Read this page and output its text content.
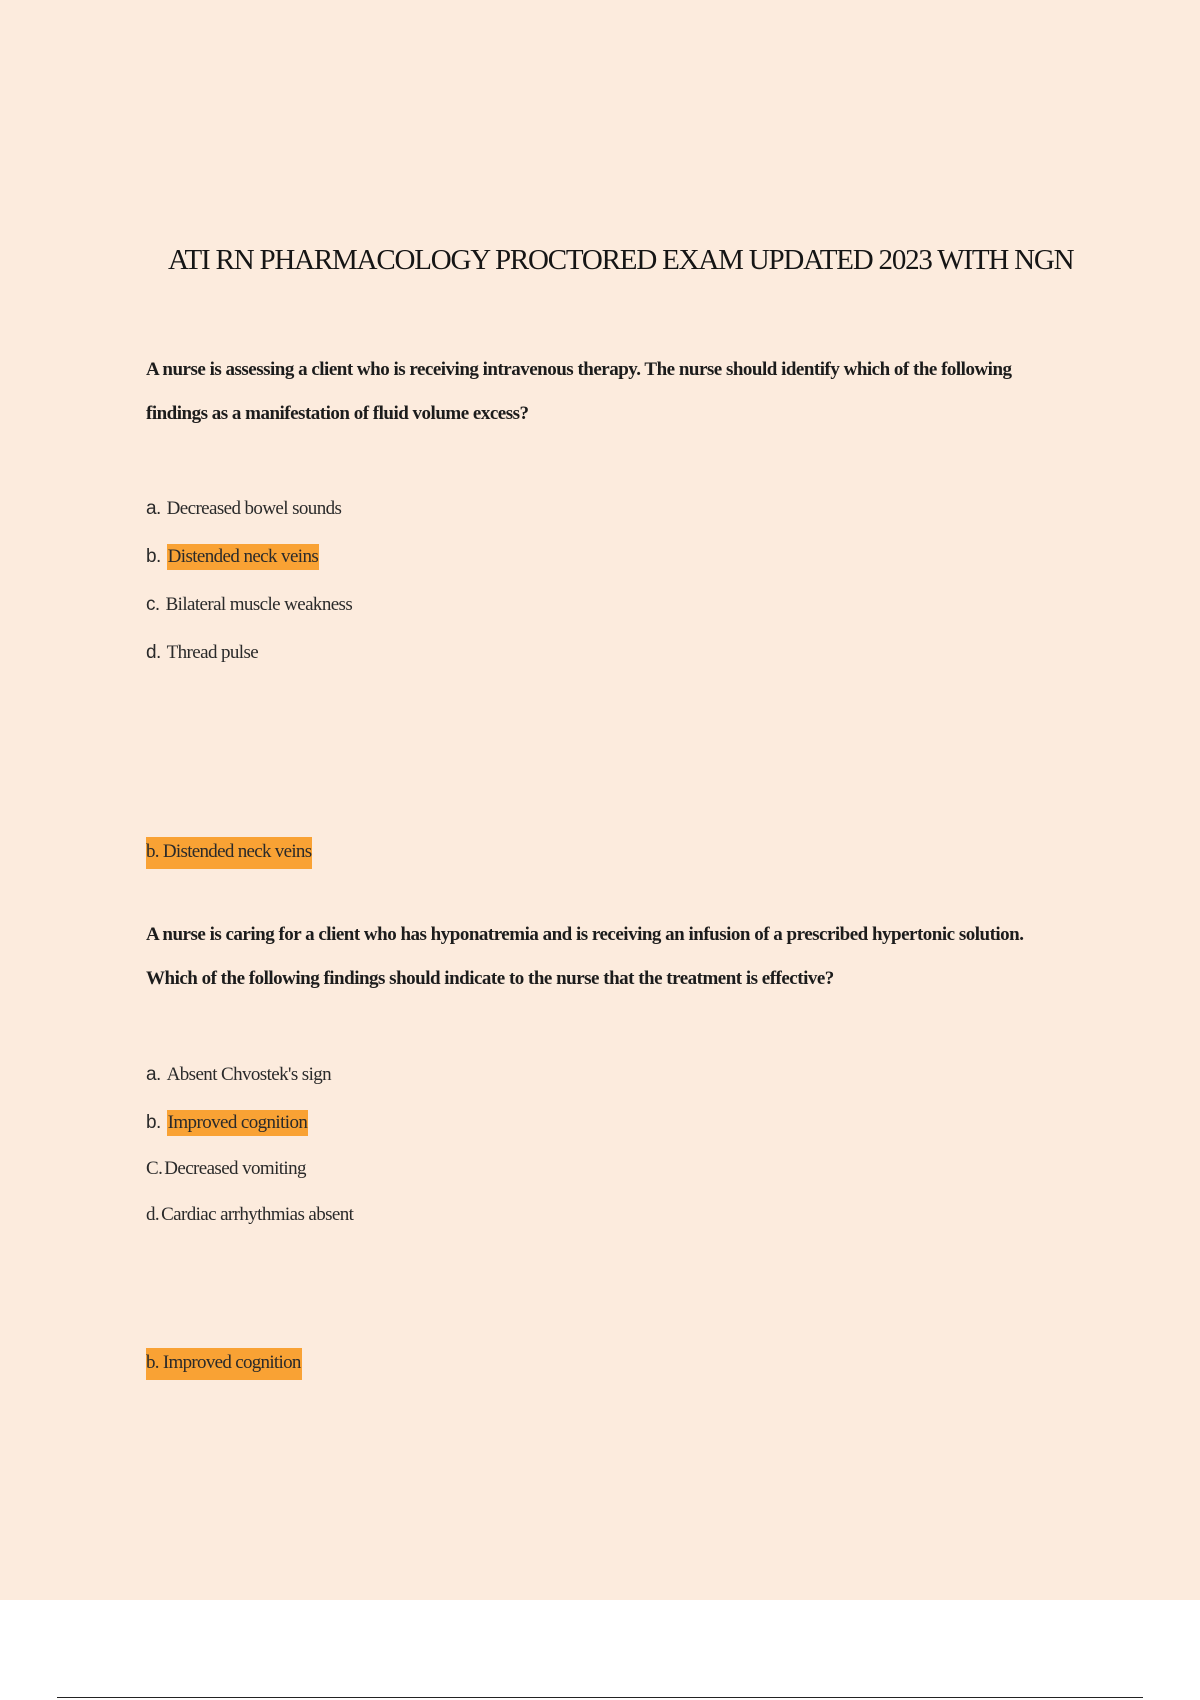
ATI RN PHARMACOLOGY PROCTORED EXAM UPDATED 2023 WITH NGN

A nurse is assessing a client who is receiving intravenous therapy. The nurse should identify which of the following findings as a manifestation of fluid volume excess?

a. Decreased bowel sounds
b. Distended neck veins
c. Bilateral muscle weakness
d. Thread pulse
b. Distended neck veins

A nurse is caring for a client who has hyponatremia and is receiving an infusion of a prescribed hypertonic solution. Which of the following findings should indicate to the nurse that the treatment is effective?

a. Absent Chvostek's sign
b. Improved cognition
C. Decreased vomiting
d. Cardiac arrhythmias absent
b. Improved cognition
